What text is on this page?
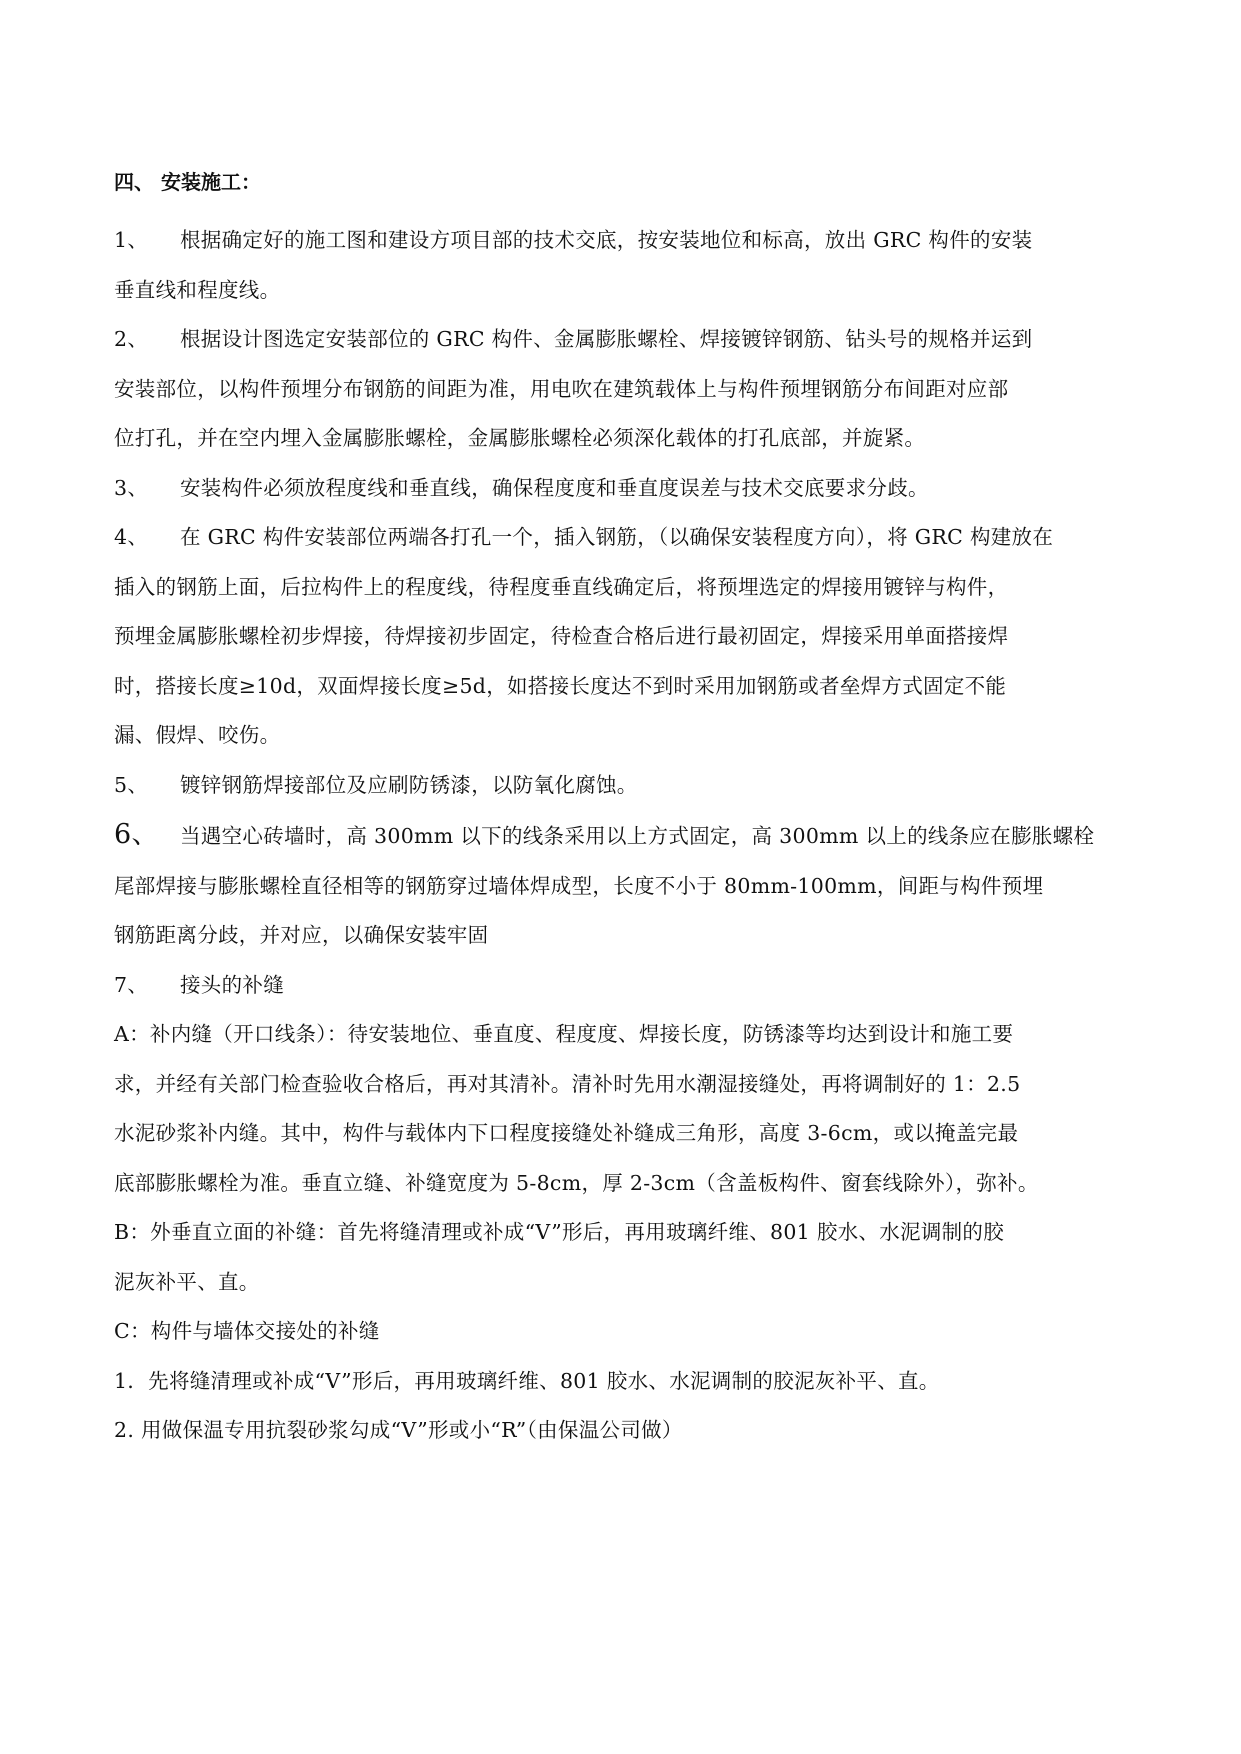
四、 安装施工：

1、 根据确定好的施工图和建设方项目部的技术交底，按安装地位和标高，放出 GRC 构件的安装
垂直线和程度线。

2、 根据设计图选定安装部位的 GRC 构件、金属膨胀螺栓、焊接镀锌钢筋、钻头号的规格并运到
安装部位，以构件预埋分布钢筋的间距为准，用电吹在建筑载体上与构件预埋钢筋分布间距对应部
位打孔，并在空内埋入金属膨胀螺栓，金属膨胀螺栓必须深化载体的打孔底部，并旋紧。

3、 安装构件必须放程度线和垂直线，确保程度度和垂直度误差与技术交底要求分歧。

4、 在 GRC 构件安装部位两端各打孔一个，插入钢筋，（以确保安装程度方向），将 GRC 构建放在
插入的钢筋上面，后拉构件上的程度线，待程度垂直线确定后，将预埋选定的焊接用镀锌与构件，
预埋金属膨胀螺栓初步焊接，待焊接初步固定，待检查合格后进行最初固定，焊接采用单面搭接焊
时，搭接长度≥10d，双面焊接长度≥5d，如搭接长度达不到时采用加钢筋或者垒焊方式固定不能
漏、假焊、咬伤。

5、 镀锌钢筋焊接部位及应刷防锈漆，以防氧化腐蚀。

6、 当遇空心砖墙时，高 300mm 以下的线条采用以上方式固定，高 300mm 以上的线条应在膨胀螺栓
尾部焊接与膨胀螺栓直径相等的钢筋穿过墙体焊成型，长度不小于 80mm-100mm，间距与构件预埋
钢筋距离分歧，并对应，以确保安装牢固

7、 接头的补缝

A：补内缝（开口线条）：待安装地位、垂直度、程度度、焊接长度，防锈漆等均达到设计和施工要
求，并经有关部门检查验收合格后，再对其清补。清补时先用水潮湿接缝处，再将调制好的 1：2.5
水泥砂浆补内缝。其中，构件与载体内下口程度接缝处补缝成三角形，高度 3-6cm，或以掩盖完最
底部膨胀螺栓为准。垂直立缝、补缝宽度为 5-8cm，厚 2-3cm（含盖板构件、窗套线除外），弥补。

B：外垂直立面的补缝：首先将缝清理或补成“V”形后，再用玻璃纤维、801 胶水、水泥调制的胶
泥灰补平、直。

C：构件与墙体交接处的补缝

1．先将缝清理或补成“V”形后，再用玻璃纤维、801 胶水、水泥调制的胶泥灰补平、直。

2. 用做保温专用抗裂砂浆勾成“V”形或小“R”（由保温公司做）
